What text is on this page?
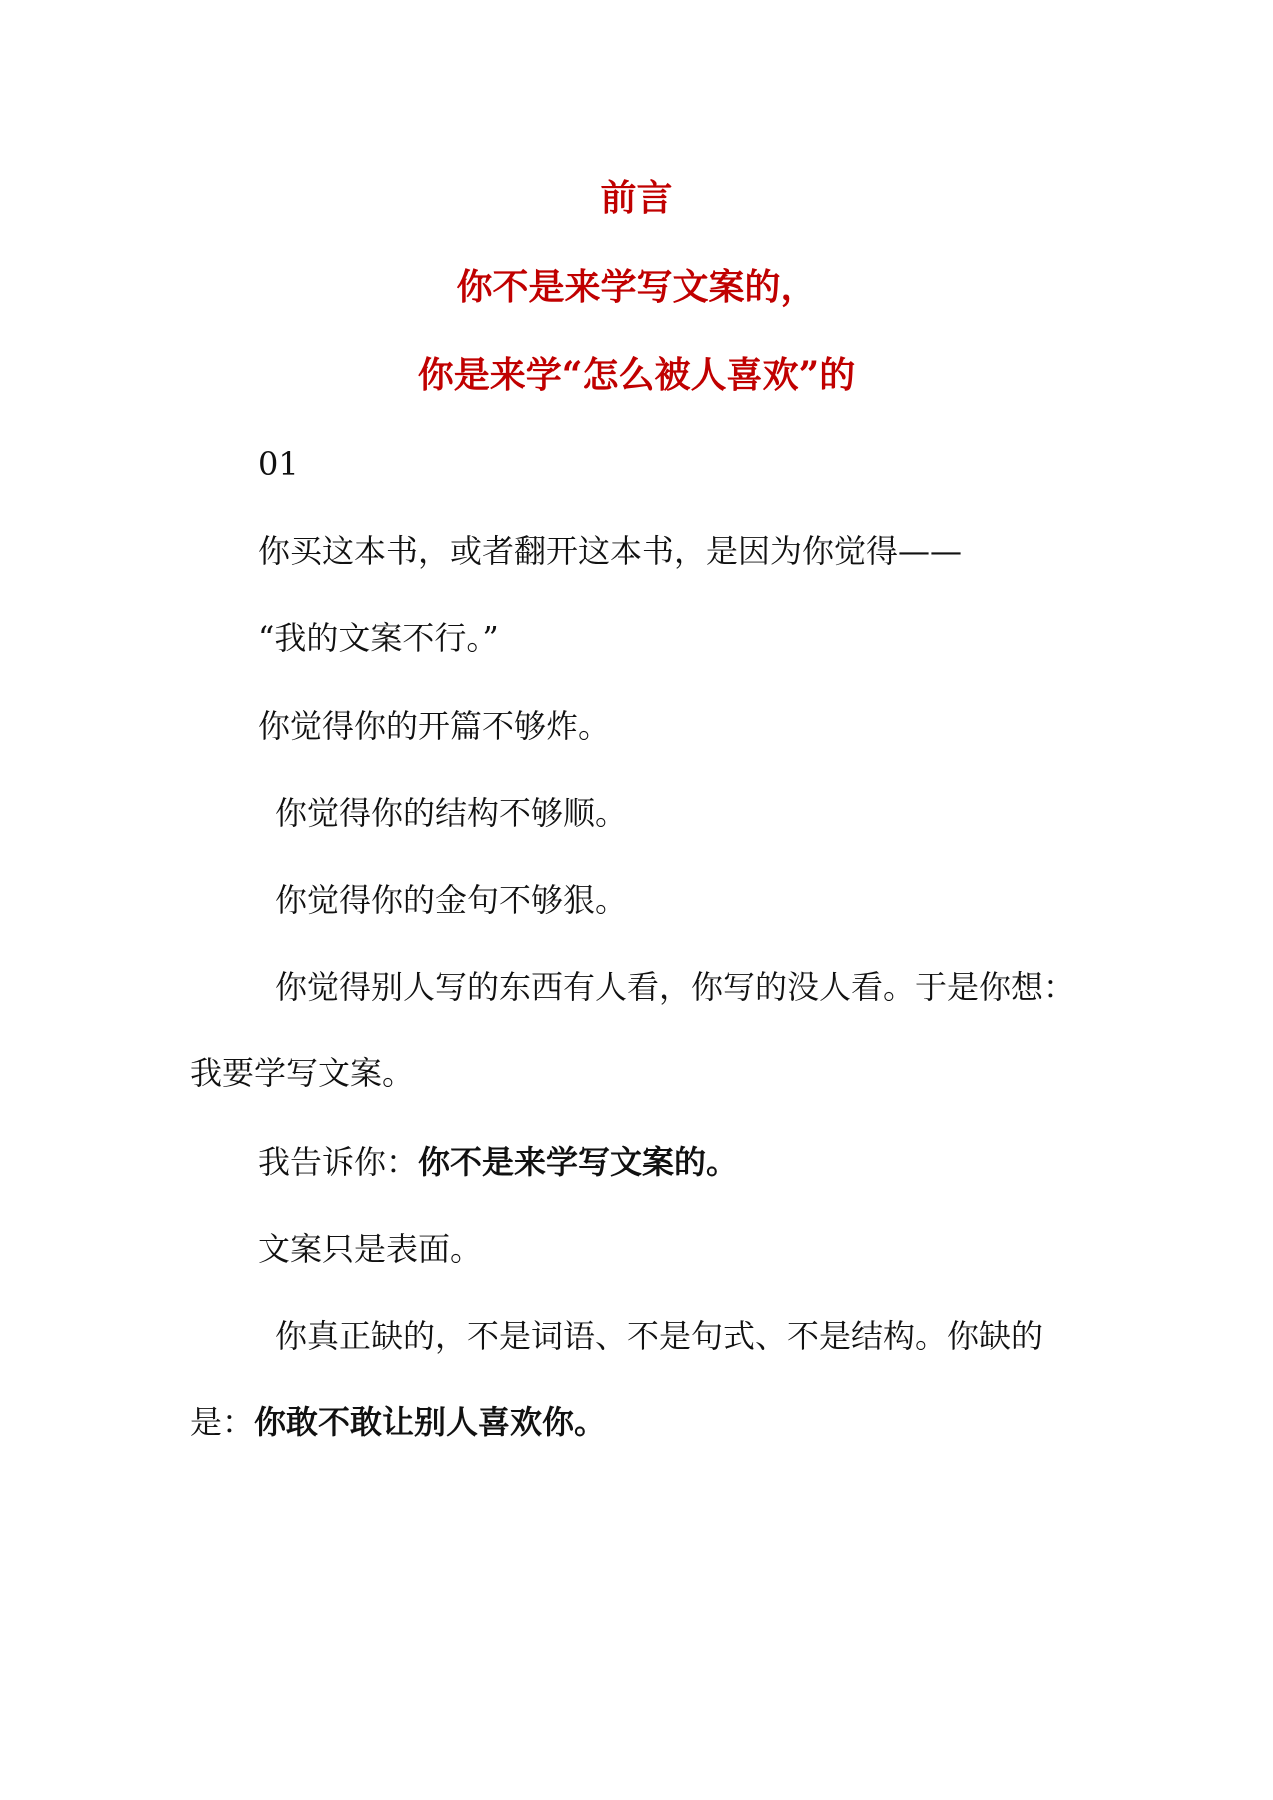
前言
你不是来学写文案的，
你是来学“怎么被人喜欢”的
01
你买这本书，或者翻开这本书，是因为你觉得——
“我的文案不行。”
你觉得你的开篇不够炸。
你觉得你的结构不够顺。
你觉得你的金句不够狠。
你觉得别人写的东西有人看，你写的没人看。于是你想：
我要学写文案。
我告诉你：你不是来学写文案的。
文案只是表面。
你真正缺的，不是词语、不是句式、不是结构。你缺的
是：你敢不敢让别人喜欢你。
